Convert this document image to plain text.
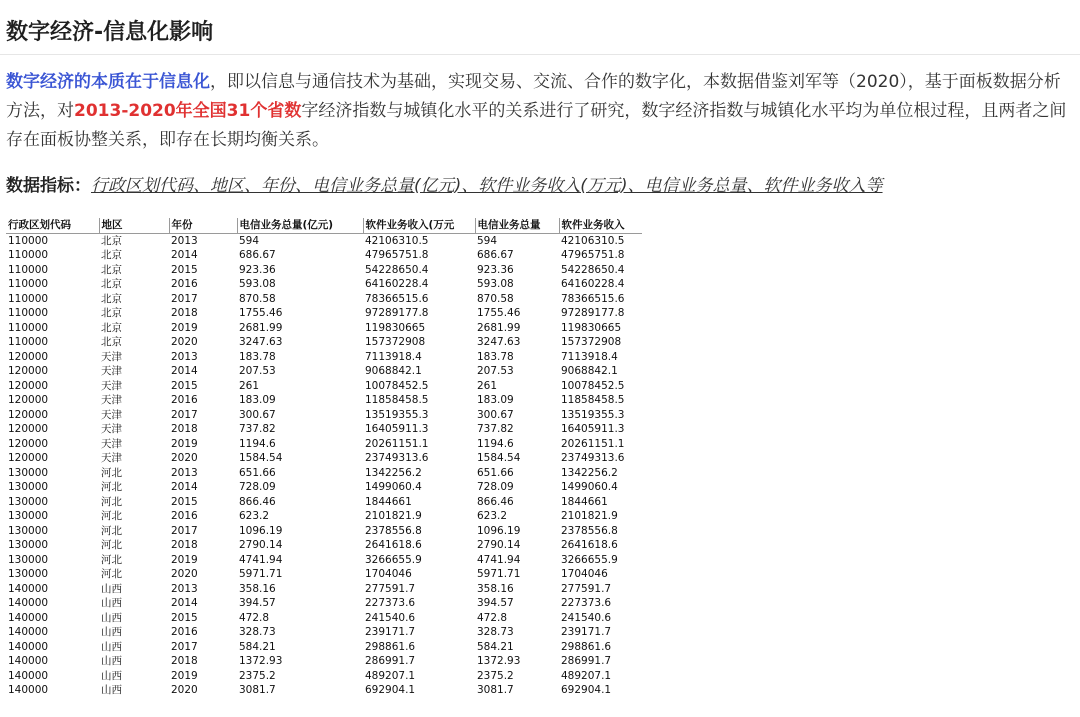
数字经济-信息化影响
数字经济的本质在于信息化，即以信息与通信技术为基础，实现交易、交流、合作的数字化，本数据借鉴刘军等（2020），基于面板数据分析方法，对2013-2020年全国31个省数字经济指数与城镇化水平的关系进行了研究，数字经济指数与城镇化水平均为单位根过程，且两者之间存在面板协整关系，即存在长期均衡关系。
数据指标：行政区划代码、地区、年份、电信业务总量(亿元)、软件业务收入(万元)、电信业务总量、软件业务收入等
行政区划代码	地区	年份	电信业务总量(亿元)	软件业务收入(万元	电信业务总量	软件业务收入
110000	北京	2013	594	42106310.5	594	42106310.5
110000	北京	2014	686.67	47965751.8	686.67	47965751.8
110000	北京	2015	923.36	54228650.4	923.36	54228650.4
110000	北京	2016	593.08	64160228.4	593.08	64160228.4
110000	北京	2017	870.58	78366515.6	870.58	78366515.6
110000	北京	2018	1755.46	97289177.8	1755.46	97289177.8
110000	北京	2019	2681.99	119830665	2681.99	119830665
110000	北京	2020	3247.63	157372908	3247.63	157372908
120000	天津	2013	183.78	7113918.4	183.78	7113918.4
120000	天津	2014	207.53	9068842.1	207.53	9068842.1
120000	天津	2015	261	10078452.5	261	10078452.5
120000	天津	2016	183.09	11858458.5	183.09	11858458.5
120000	天津	2017	300.67	13519355.3	300.67	13519355.3
120000	天津	2018	737.82	16405911.3	737.82	16405911.3
120000	天津	2019	1194.6	20261151.1	1194.6	20261151.1
120000	天津	2020	1584.54	23749313.6	1584.54	23749313.6
130000	河北	2013	651.66	1342256.2	651.66	1342256.2
130000	河北	2014	728.09	1499060.4	728.09	1499060.4
130000	河北	2015	866.46	1844661	866.46	1844661
130000	河北	2016	623.2	2101821.9	623.2	2101821.9
130000	河北	2017	1096.19	2378556.8	1096.19	2378556.8
130000	河北	2018	2790.14	2641618.6	2790.14	2641618.6
130000	河北	2019	4741.94	3266655.9	4741.94	3266655.9
130000	河北	2020	5971.71	1704046	5971.71	1704046
140000	山西	2013	358.16	277591.7	358.16	277591.7
140000	山西	2014	394.57	227373.6	394.57	227373.6
140000	山西	2015	472.8	241540.6	472.8	241540.6
140000	山西	2016	328.73	239171.7	328.73	239171.7
140000	山西	2017	584.21	298861.6	584.21	298861.6
140000	山西	2018	1372.93	286991.7	1372.93	286991.7
140000	山西	2019	2375.2	489207.1	2375.2	489207.1
140000	山西	2020	3081.7	692904.1	3081.7	692904.1
